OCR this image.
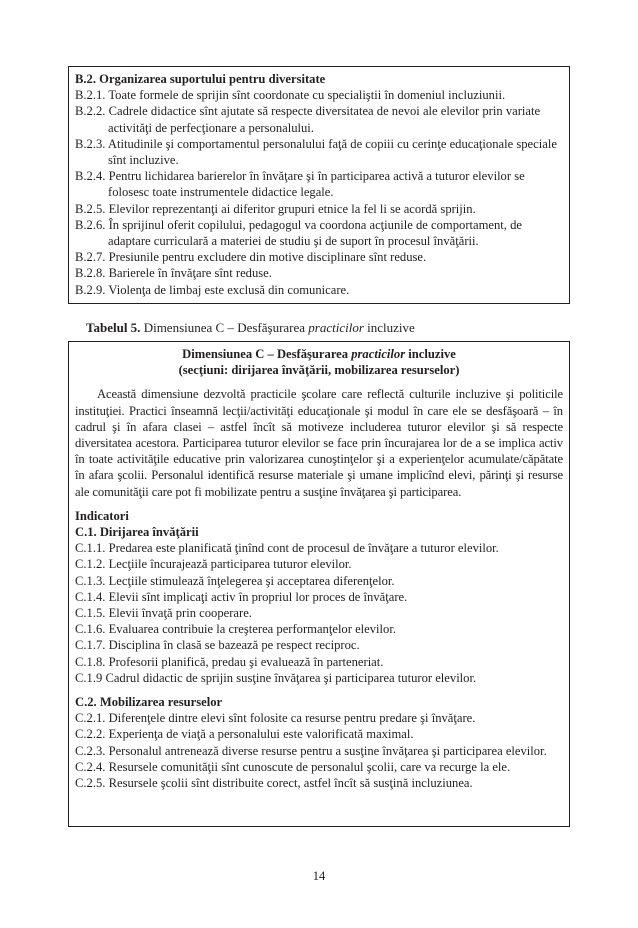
B.2. Organizarea suportului pentru diversitate
B.2.1. Toate formele de sprijin sînt coordonate cu specialiştii în domeniul incluziunii.
B.2.2. Cadrele didactice sînt ajutate să respecte diversitatea de nevoi ale elevilor prin variate activităţi de perfecţionare a personalului.
B.2.3. Atitudinile şi comportamentul personalului faţă de copiii cu cerinţe educaţionale speciale sînt incluzive.
B.2.4. Pentru lichidarea barierelor în învăţare şi în participarea activă a tuturor elevilor se folosesc toate instrumentele didactice legale.
B.2.5. Elevilor reprezentanţi ai diferitor grupuri etnice la fel li se acordă sprijin.
B.2.6. În sprijinul oferit copilului, pedagogul va coordona acţiunile de comportament, de adaptare curriculară a materiei de studiu şi de suport în procesul învăţării.
B.2.7. Presiunile pentru excludere din motive disciplinare sînt reduse.
B.2.8. Barierele în învăţare sînt reduse.
B.2.9. Violenţa de limbaj este exclusă din comunicare.
Tabelul 5. Dimensiunea C – Desfăşurarea practicilor incluzive
Dimensiunea C – Desfăşurarea practicilor incluzive
(secţiuni: dirijarea învăţării, mobilizarea resurselor)
Această dimensiune dezvoltă practicile şcolare care reflectă culturile incluzive şi politicile instituţiei. Practici înseamnă lecţii/activităţi educaţionale şi modul în care ele se desfăşoară – în cadrul şi în afara clasei – astfel încît să motiveze includerea tuturor elevilor şi să respecte diversitatea acestora. Participarea tuturor elevilor se face prin încurajarea lor de a se implica activ în toate activităţile educative prin valorizarea cunoştinţelor şi a experienţelor acumulate/căpătate în afara şcolii. Personalul identifică resurse materiale şi umane implicînd elevi, părinţi şi resurse ale comunităţii care pot fi mobilizate pentru a susţine învăţarea şi participarea.
Indicatori
C.1. Dirijarea învăţării
C.1.1. Predarea este planificată ţinînd cont de procesul de învăţare a tuturor elevilor.
C.1.2. Lecţiile încurajează participarea tuturor elevilor.
C.1.3. Lecţiile stimulează înţelegerea şi acceptarea diferenţelor.
C.1.4. Elevii sînt implicaţi activ în propriul lor proces de învăţare.
C.1.5. Elevii învaţă prin cooperare.
C.1.6. Evaluarea contribuie la creşterea performanţelor elevilor.
C.1.7. Disciplina în clasă se bazează pe respect reciproc.
C.1.8. Profesorii planifică, predau şi evaluează în parteneriat.
C.1.9 Cadrul didactic de sprijin susţine învăţarea şi participarea tuturor elevilor.
C.2. Mobilizarea resurselor
C.2.1. Diferenţele dintre elevi sînt folosite ca resurse pentru predare şi învăţare.
C.2.2. Experienţa de viaţă a personalului este valorificată maximal.
C.2.3. Personalul antrenează diverse resurse pentru a susţine învăţarea şi participarea elevilor.
C.2.4. Resursele comunităţii sînt cunoscute de personalul şcolii, care va recurge la ele.
C.2.5. Resursele şcolii sînt distribuite corect, astfel încît să susţină incluziunea.
14
